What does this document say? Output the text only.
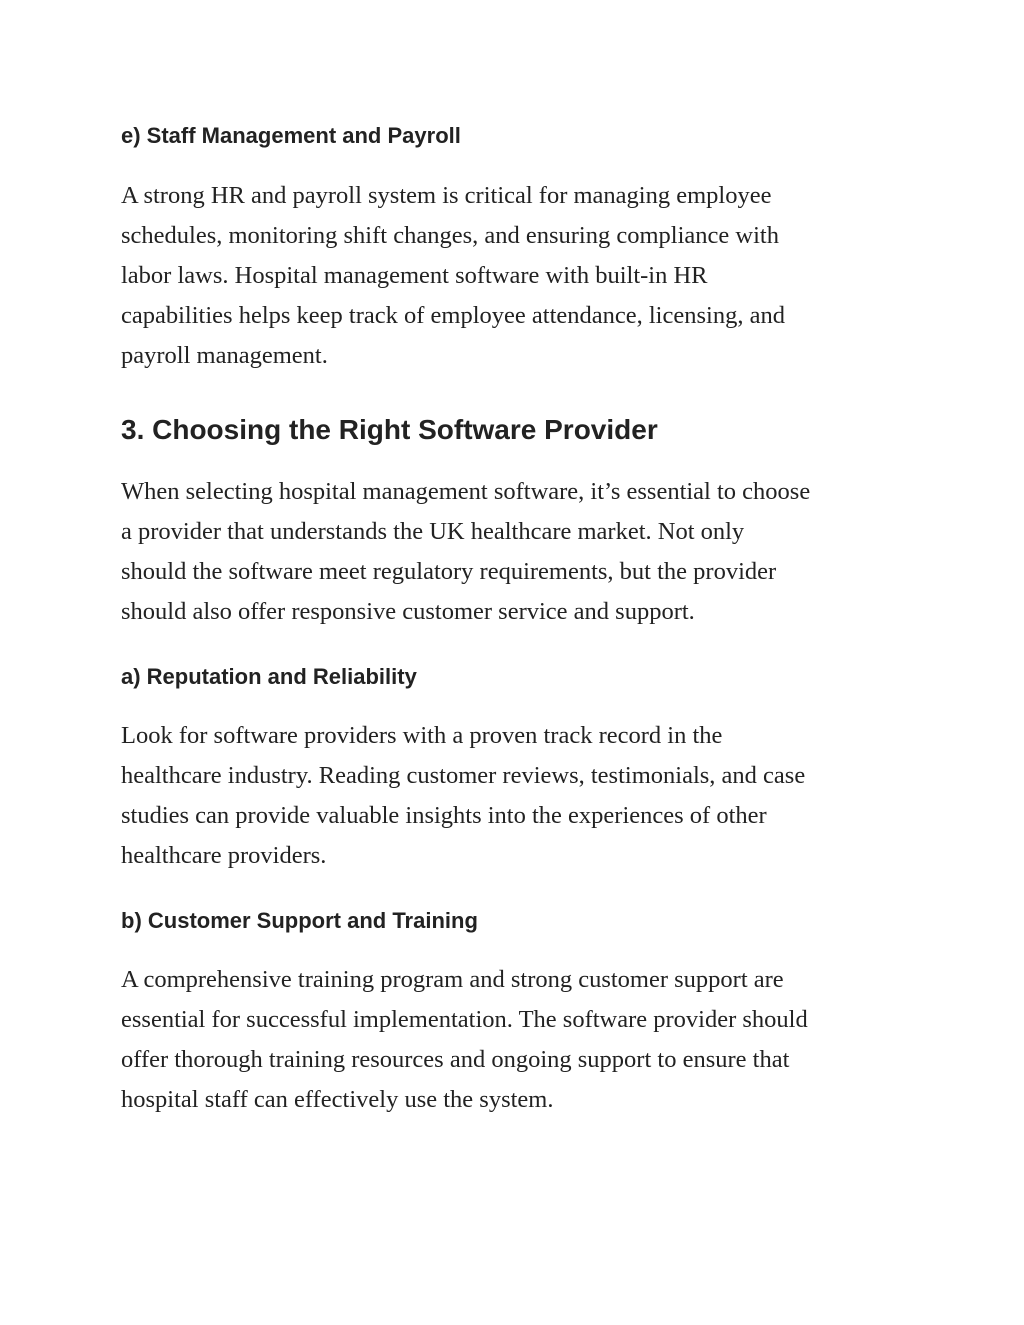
e) Staff Management and Payroll

A strong HR and payroll system is critical for managing employee
schedules, monitoring shift changes, and ensuring compliance with
labor laws. Hospital management software with built-in HR
capabilities helps keep track of employee attendance, licensing, and
payroll management.

3. Choosing the Right Software Provider

When selecting hospital management software, it’s essential to choose
a provider that understands the UK healthcare market. Not only
should the software meet regulatory requirements, but the provider
should also offer responsive customer service and support.

a) Reputation and Reliability

Look for software providers with a proven track record in the
healthcare industry. Reading customer reviews, testimonials, and case
studies can provide valuable insights into the experiences of other
healthcare providers.

b) Customer Support and Training

A comprehensive training program and strong customer support are
essential for successful implementation. The software provider should
offer thorough training resources and ongoing support to ensure that
hospital staff can effectively use the system.
